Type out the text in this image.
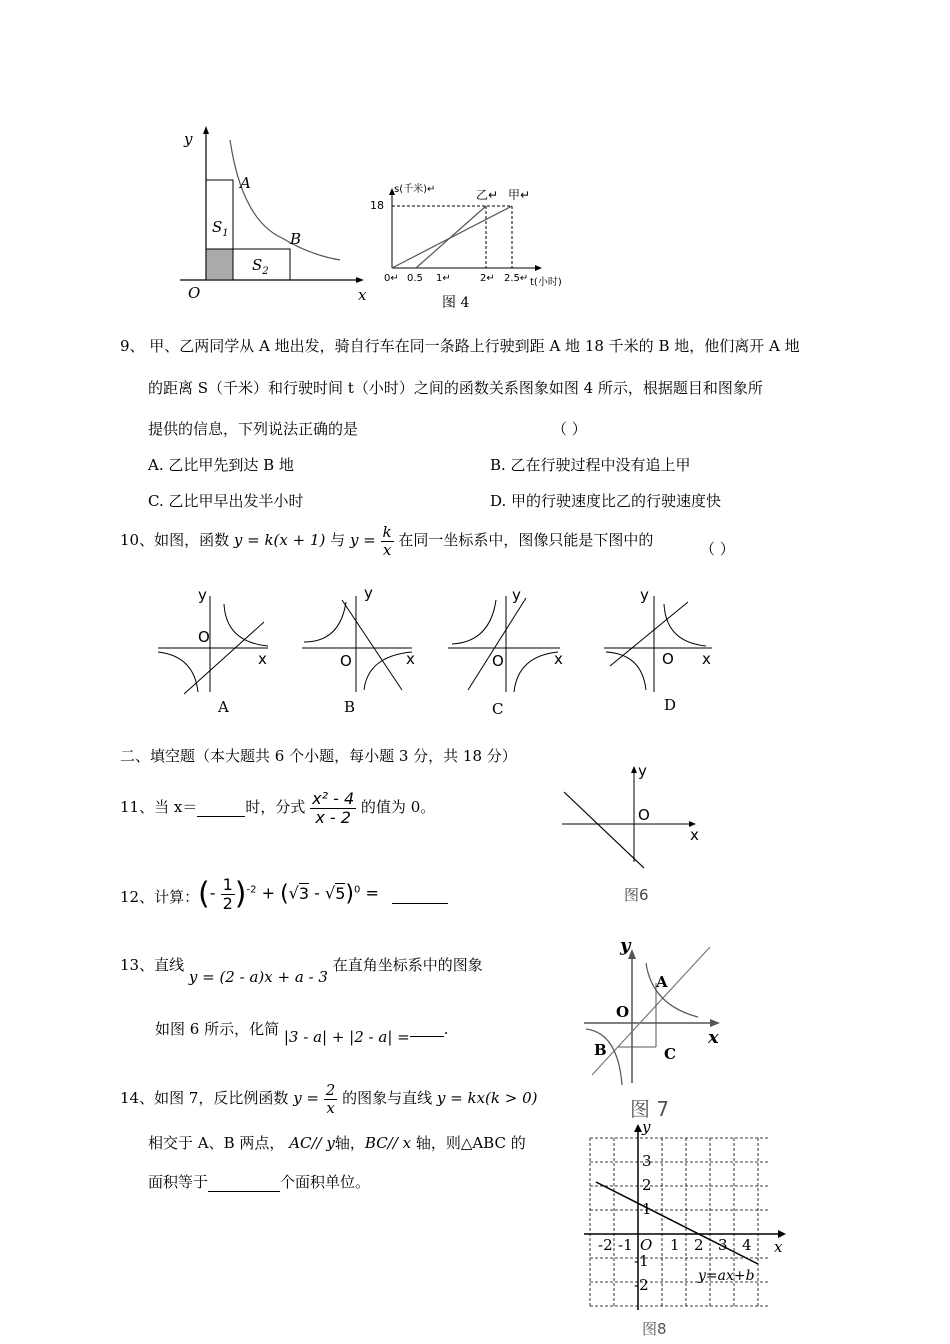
y
A
B
$S_1$
$S_2$
O	x
s(千米)↵
18
乙↵ 甲↵
0↵ 0.5 1↵	2↵ 2.5↵ t(小时)
图 4
9、 甲、乙两同学从 A 地出发，骑自行车在同一条路上行驶到距 A 地 18 千米的 B 地，他们离开 A 地
的距离 S（千米）和行驶时间 t（小时）之间的函数关系图象如图 4 所示，根据题目和图象所
提供的信息，下列说法正确的是	（ ）
A. 乙比甲先到达 B 地	B. 乙在行驶过程中没有追上甲
C. 乙比甲早出发半小时	D. 甲的行驶速度比乙的行驶速度快
10、如图，函数 y = k(x + 1) 与 $y = \frac{k}{x}$ 在同一坐标系中，图像只能是下图中的	（ ）
y
O
x
A
y
O	x
B
y
O	x
C
y
O x
D
二、填空题（本大题共 6 个小题，每小题 3 分，共 18 分）
11、当 x＝	时，分式 $\frac{\text{x² - 4}}{x - 2}$ 的值为 0。
y
O
x
图6
12、计算：
(- $\frac{1}{2} )^{-2} + (√3 - √5)^0$ =
13、直线 y = (2 - a)x + a - 3 在直角坐标系中的图象
如图 6 所示，化简 |3 - a| + |2 - a| = .
y
A
O
x
B	C
图 7
14、如图 7，反比例函数 $y = \frac{2}{x}$ 的图象与直线 y = kx(k > 0)
相交于 A、B 两点， AC// y轴，BC// x 轴，则△ABC 的
面积等于	个面积单位。
y
x
O
-2 -1 1 2 3 4
3
2
1
-1
-2	y=ax+b
图8
